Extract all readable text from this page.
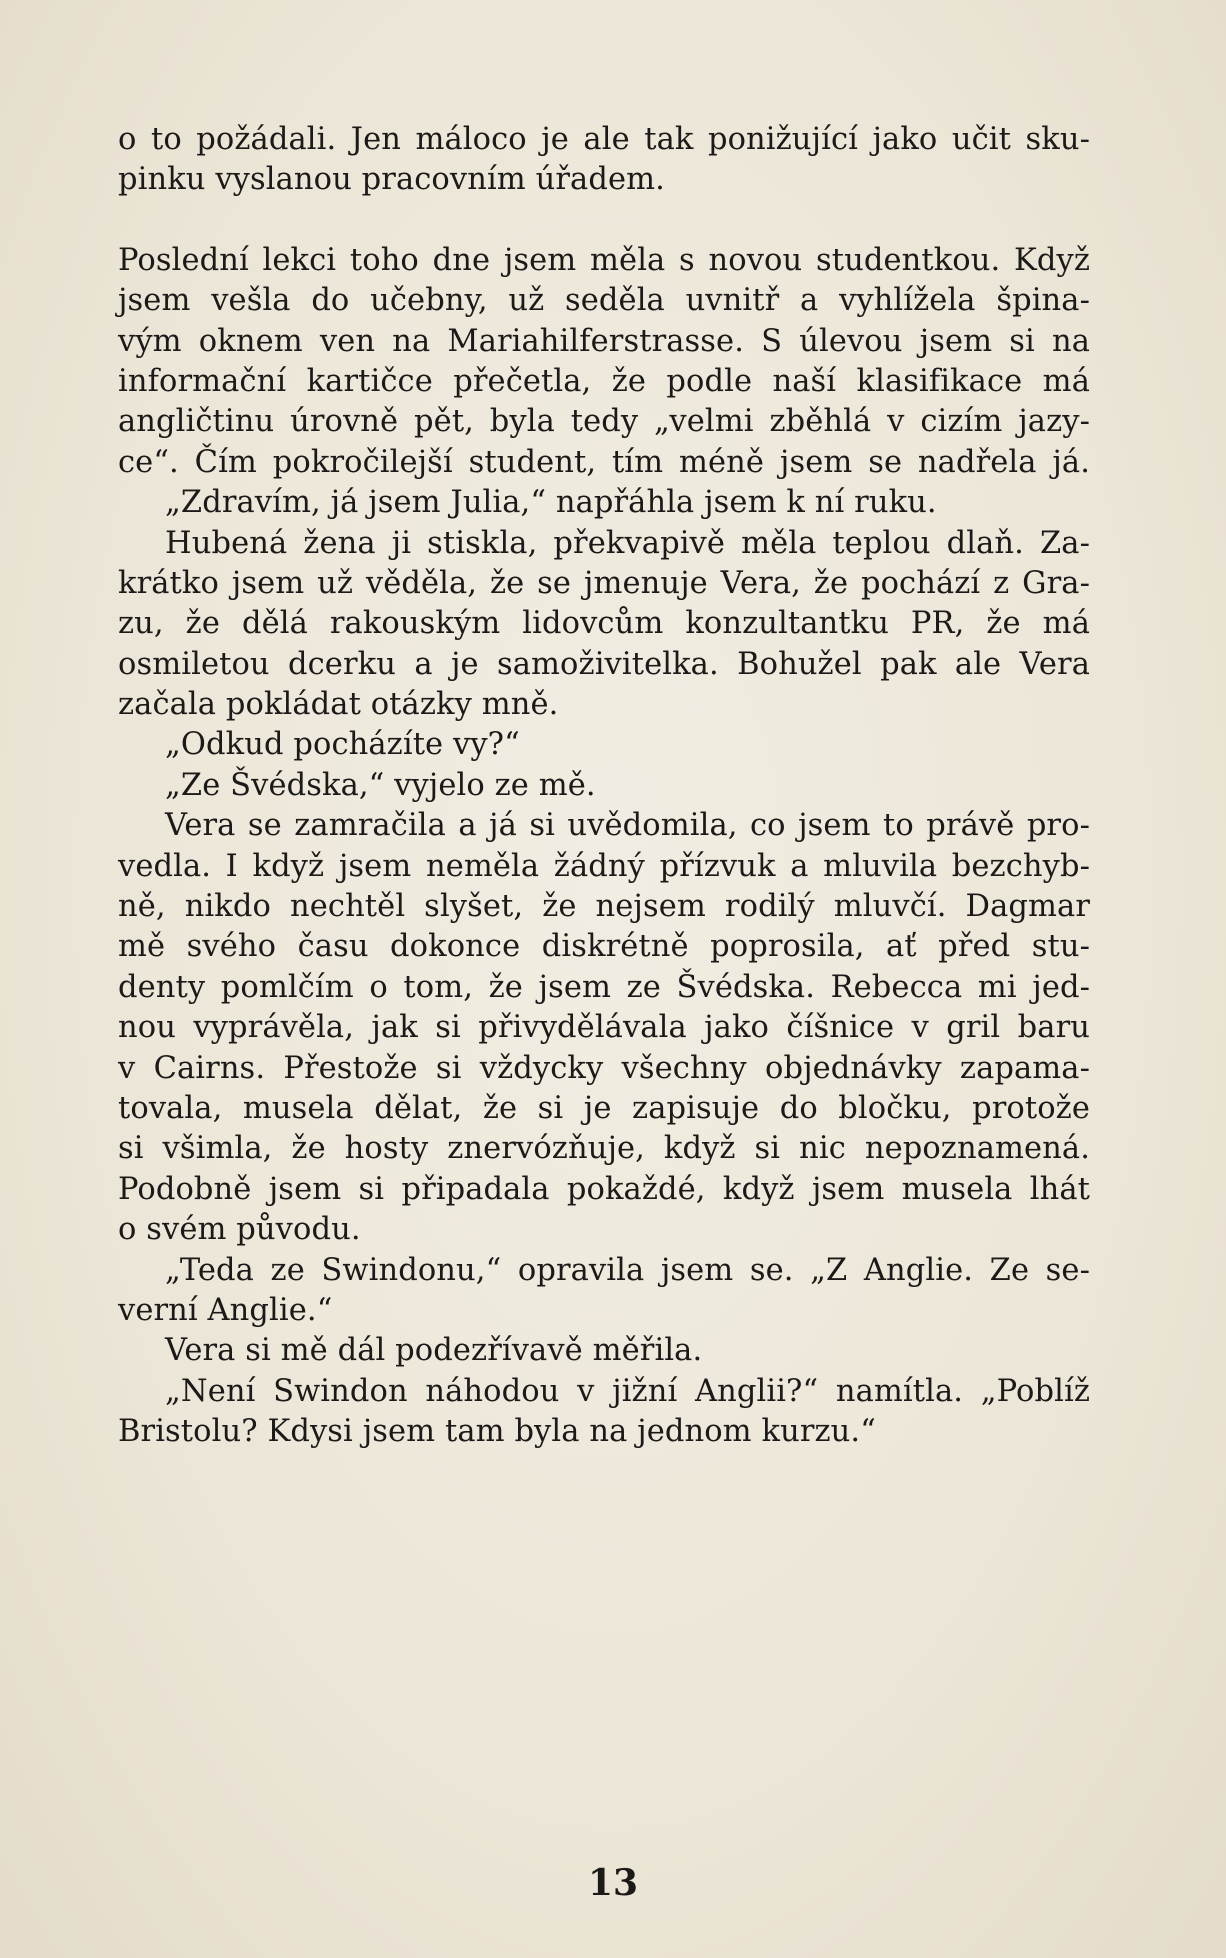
o to požádali. Jen máloco je ale tak ponižující jako učit sku-
pinku vyslanou pracovním úřadem.
Poslední lekci toho dne jsem měla s novou studentkou. Když
jsem vešla do učebny, už seděla uvnitř a vyhlížela špina-
vým oknem ven na Mariahilferstrasse. S úlevou jsem si na
informační kartičce přečetla, že podle naší klasifikace má
angličtinu úrovně pět, byla tedy „velmi zběhlá v cizím jazy-
ce“. Čím pokročilejší student, tím méně jsem se nadřela já.
„Zdravím, já jsem Julia,“ napřáhla jsem k ní ruku.
Hubená žena ji stiskla, překvapivě měla teplou dlaň. Za-
krátko jsem už věděla, že se jmenuje Vera, že pochází z Gra-
zu, že dělá rakouským lidovcům konzultantku PR, že má
osmiletou dcerku a je samoživitelka. Bohužel pak ale Vera
začala pokládat otázky mně.
„Odkud pocházíte vy?“
„Ze Švédska,“ vyjelo ze mě.
Vera se zamračila a já si uvědomila, co jsem to právě pro-
vedla. I když jsem neměla žádný přízvuk a mluvila bezchyb-
ně, nikdo nechtěl slyšet, že nejsem rodilý mluvčí. Dagmar
mě svého času dokonce diskrétně poprosila, ať před stu-
denty pomlčím o tom, že jsem ze Švédska. Rebecca mi jed-
nou vyprávěla, jak si přivydělávala jako číšnice v gril baru
v Cairns. Přestože si vždycky všechny objednávky zapama-
tovala, musela dělat, že si je zapisuje do bločku, protože
si všimla, že hosty znervózňuje, když si nic nepoznamená.
Podobně jsem si připadala pokaždé, když jsem musela lhát
o svém původu.
„Teda ze Swindonu,“ opravila jsem se. „Z Anglie. Ze se-
verní Anglie.“
Vera si mě dál podezřívavě měřila.
„Není Swindon náhodou v jižní Anglii?“ namítla. „Poblíž
Bristolu? Kdysi jsem tam byla na jednom kurzu.“
13
